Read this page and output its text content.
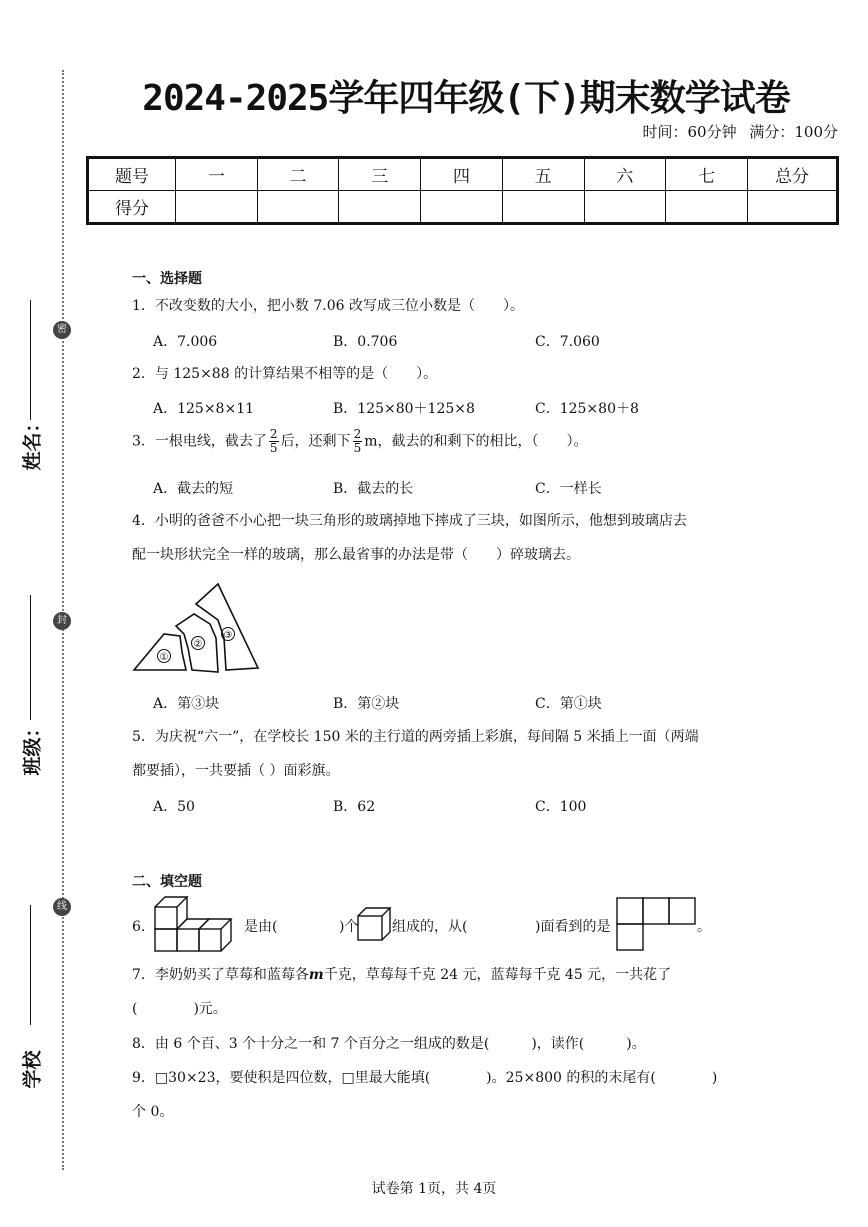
密
封
线
姓名：
班级：
学校
2024-2025学年四年级(下)期末数学试卷
时间：60分钟 满分：100分
题号	一	二	三	四	五	六	七	总分
得分								
一、选择题
1．不改变数的大小，把小数 7.06 改写成三位小数是（　　）。
A．7.006	B．0.706	C．7.060
2．与 125×88 的计算结果不相等的是（　　）。
A．125×8×11	B．125×80＋125×8	C．125×80＋8
3．一根电线，截去了 $\frac{2}{5}$ 后，还剩下 $\frac{2}{5}$ m，截去的和剩下的相比，（　　）。
A．截去的短	B．截去的长	C．一样长
4．小明的爸爸不小心把一块三角形的玻璃掉地下摔成了三块，如图所示，他想到玻璃店去
配一块形状完全一样的玻璃，那么最省事的办法是带（　　）碎玻璃去。
①
②
③
A．第③块	B．第②块	C．第①块
5．为庆祝“六一”，在学校长 150 米的主行道的两旁插上彩旗，每间隔 5 米插上一面（两端
都要插），一共要插（ ）面彩旗。
A．50	B．62	C．100
二、填空题
6．	是由(	)个 组成的，从(	)面看到的是	。
7．李奶奶买了草莓和蓝莓各m千克，草莓每千克 24 元，蓝莓每千克 45 元，一共花了
(　　　　)元。
8．由 6 个百、3 个十分之一和 7 个百分之一组成的数是(　　　)，读作(　　　)。
9．□30×23，要使积是四位数，□里最大能填(　　　　)。25×800 的积的末尾有(　　　　)
个 0。
试卷第 1页，共 4页
